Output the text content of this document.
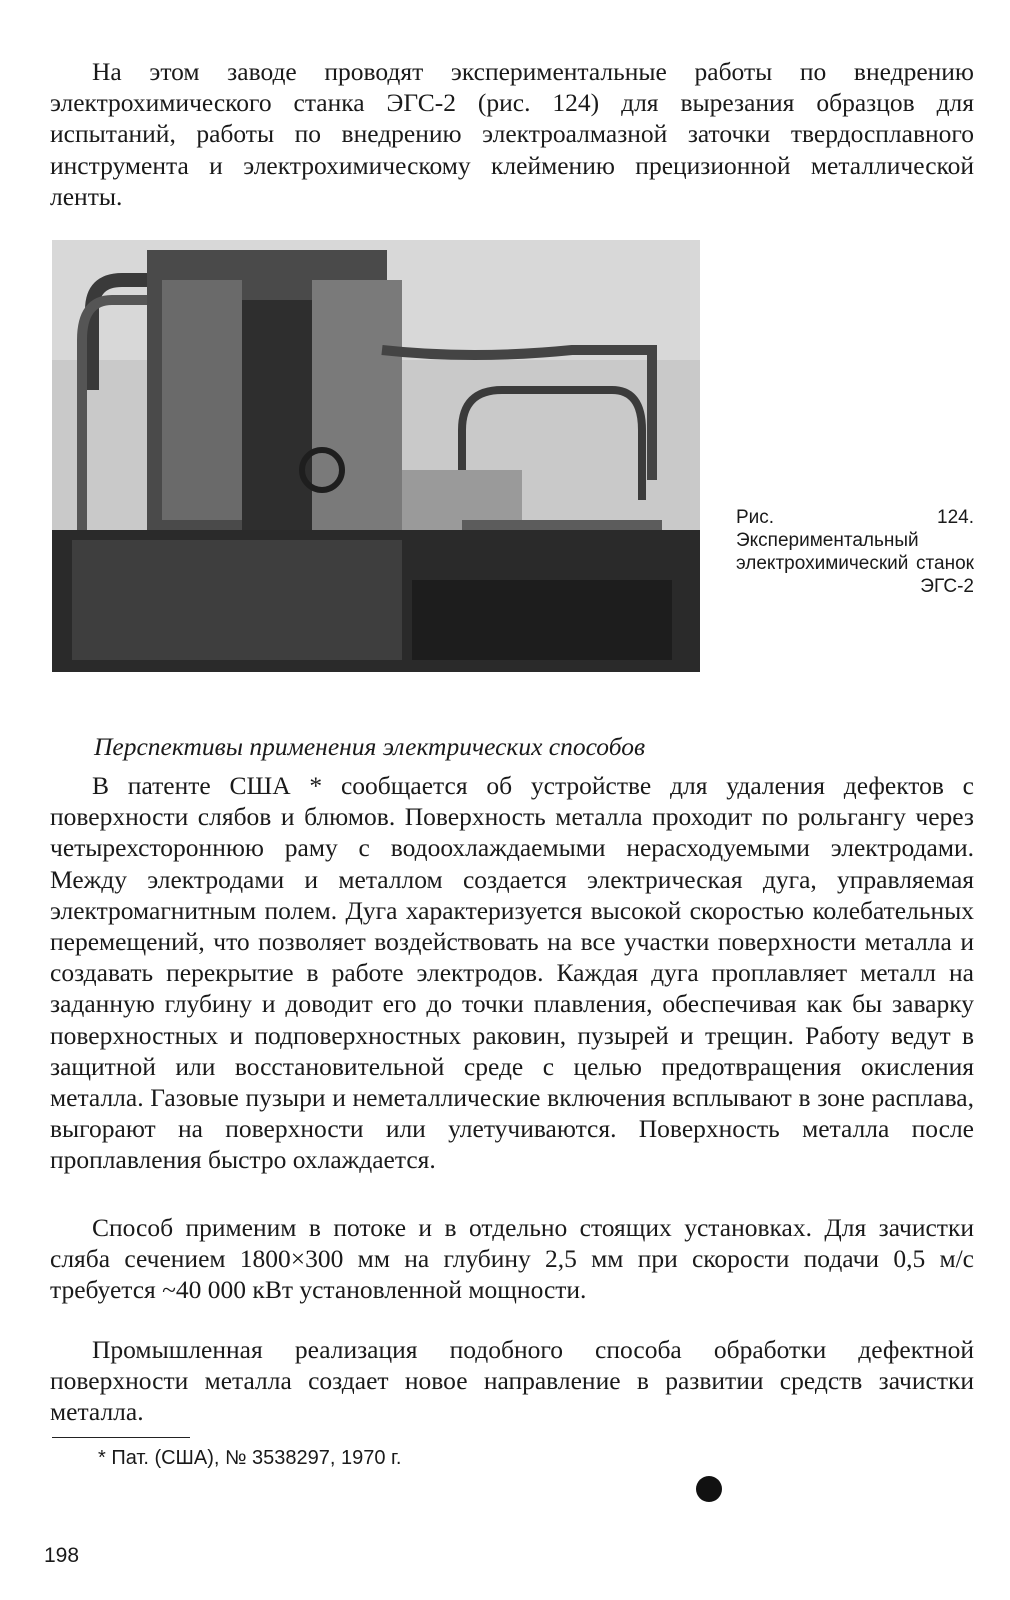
На этом заводе проводят экспериментальные работы по внедрению электрохимического станка ЭГС-2 (рис. 124) для вырезания образцов для испытаний, работы по внедрению электроалмазной заточки твердосплавного инструмента и электрохимическому клеймению прецизионной металлической ленты.

Рис. 124. Экспериментальный электрохимический станок ЭГС-2

Перспективы применения электрических способов

В патенте США * сообщается об устройстве для удаления дефектов с поверхности слябов и блюмов. Поверхность металла проходит по рольгангу через четырехстороннюю раму с водоохлаждаемыми нерасходуемыми электродами. Между электродами и металлом создается электрическая дуга, управляемая электромагнитным полем. Дуга характеризуется высокой скоростью колебательных перемещений, что позволяет воздействовать на все участки поверхности металла и создавать перекрытие в работе электродов. Каждая дуга проплавляет металл на заданную глубину и доводит его до точки плавления, обеспечивая как бы заварку поверхностных и подповерхностных раковин, пузырей и трещин. Работу ведут в защитной или восстановительной среде с целью предотвращения окисления металла. Газовые пузыри и неметаллические включения всплывают в зоне расплава, выгорают на поверхности или улетучиваются. Поверхность металла после проплавления быстро охлаждается.

Способ применим в потоке и в отдельно стоящих установках. Для зачистки сляба сечением 1800×300 мм на глубину 2,5 мм при скорости подачи 0,5 м/с требуется ~40 000 кВт установленной мощности.

Промышленная реализация подобного способа обработки дефектной поверхности металла создает новое направление в развитии средств зачистки металла.

* Пат. (США), № 3538297, 1970 г.

198
